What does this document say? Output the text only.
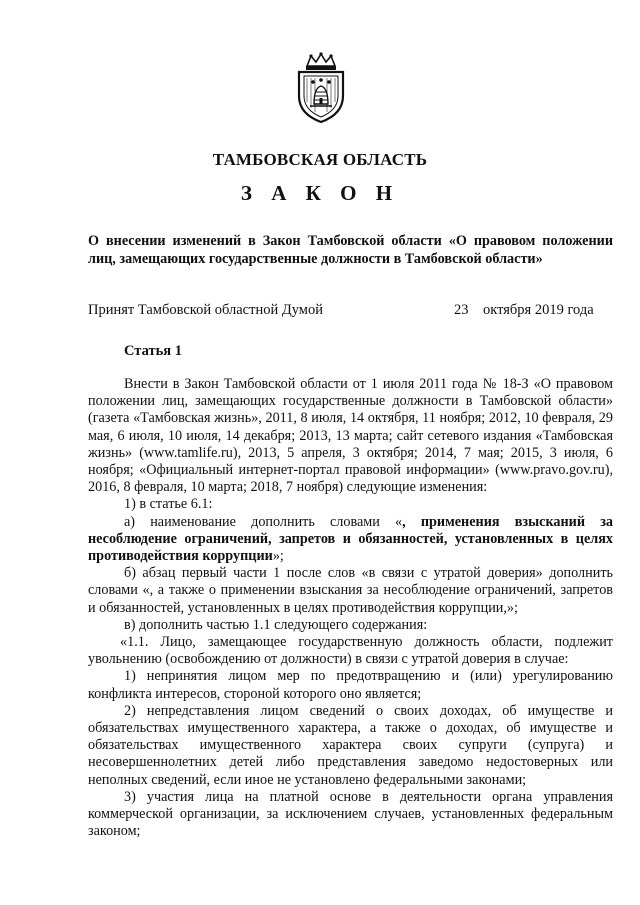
ТАМБОВСКАЯ ОБЛАСТЬ
З А К О Н
О внесении изменений в Закон Тамбовской области «О правовом положении лиц, замещающих государственные должности в Тамбовской области»
Принят Тамбовской областной Думой	23 октября 2019 года
Статья 1

Внести в Закон Тамбовской области от 1 июля 2011 года № 18-З «О правовом положении лиц, замещающих государственные должности в Тамбовской области» (газета «Тамбовская жизнь», 2011, 8 июля, 14 октября, 11 ноября; 2012, 10 февраля, 29 мая, 6 июля, 10 июля, 14 декабря; 2013, 13 марта; сайт сетевого издания «Тамбовская жизнь» (www.tamlife.ru), 2013, 5 апреля, 3 октября; 2014, 7 мая; 2015, 3 июля, 6 ноября; «Официальный интернет-портал правовой информации» (www.pravo.gov.ru), 2016, 8 февраля, 10 марта; 2018, 7 ноября) следующие изменения:

1) в статье 6.1:

а) наименование дополнить словами «, применения взысканий за несоблюдение ограничений, запретов и обязанностей, установленных в целях противодействия коррупции»;

б) абзац первый части 1 после слов «в связи с утратой доверия» дополнить словами «, а также о применении взыскания за несоблюдение ограничений, запретов и обязанностей, установленных в целях противодействия коррупции,»;

в) дополнить частью 1.1 следующего содержания:

«1.1. Лицо, замещающее государственную должность области, подлежит увольнению (освобождению от должности) в связи с утратой доверия в случае:

1) непринятия лицом мер по предотвращению и (или) урегулированию конфликта интересов, стороной которого оно является;

2) непредставления лицом сведений о своих доходах, об имуществе и обязательствах имущественного характера, а также о доходах, об имуществе и обязательствах имущественного характера своих супруги (супруга) и несовершеннолетних детей либо представления заведомо недостоверных или неполных сведений, если иное не установлено федеральными законами;

3) участия лица на платной основе в деятельности органа управления коммерческой организации, за исключением случаев, установленных федеральным законом;
